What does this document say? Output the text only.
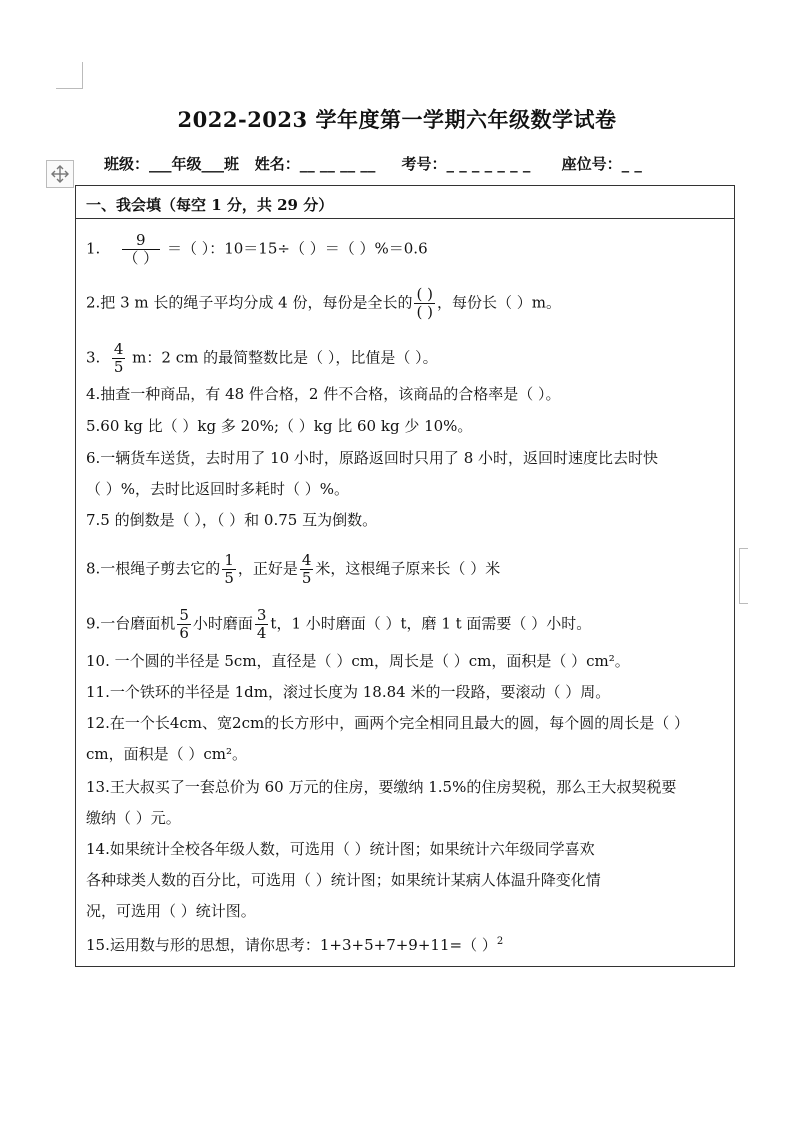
2022-2023 学年度第一学期六年级数学试卷
班级：___年级___班 姓名：__ __ __ __ 考号：_ _ _ _ _ _ _ 座位号：_ _
一、我会填（每空 1 分，共 29 分）
1. $\frac{9}{( )}$ ＝（ ）：10＝15÷（ ）＝（ ）%＝0.6
2.把 3 m 长的绳子平均分成 4 份，每份是全长的 $\frac{( )}{( )}$ ，每份长（ ）m。
3. $\frac{4}{5}$ m：2 cm 的最简整数比是（ ），比值是（ ）。
4.抽查一种商品，有 48 件合格，2 件不合格，该商品的合格率是（ ）。
5.60 kg 比（ ）kg 多 20%;（ ）kg 比 60 kg 少 10%。
6.一辆货车送货，去时用了 10 小时，原路返回时只用了 8 小时，返回时速度比去时快
（ ）%，去时比返回时多耗时（ ）%。
7.5 的倒数是（ ），（ ）和 0.75 互为倒数。
8.一根绳子剪去它的 $\frac{1}{5}$ ，正好是 $\frac{4}{5}$ 米，这根绳子原来长（ ）米
9.一台磨面机 $\frac{5}{6}$ 小时磨面 $\frac{3}{4}$ t，1 小时磨面（ ）t，磨 1 t 面需要（ ）小时。
10. 一个圆的半径是 5cm，直径是（ ）cm，周长是（ ）cm，面积是（ ）cm²。
11.一个铁环的半径是 1dm，滚过长度为 18.84 米的一段路，要滚动（ ）周。
12.在一个长4cm、宽2cm的长方形中，画两个完全相同且最大的圆，每个圆的周长是（ ）
cm，面积是（ ）cm²。
13.王大叔买了一套总价为 60 万元的住房，要缴纳 1.5%的住房契税，那么王大叔契税要
缴纳（ ）元。
14.如果统计全校各年级人数，可选用（ ）统计图；如果统计六年级同学喜欢
各种球类人数的百分比，可选用（ ）统计图；如果统计某病人体温升降变化情
况，可选用（ ）统计图。
15.运用数与形的思想，请你思考：1+3+5+7+9+11=（ ）$^2$
